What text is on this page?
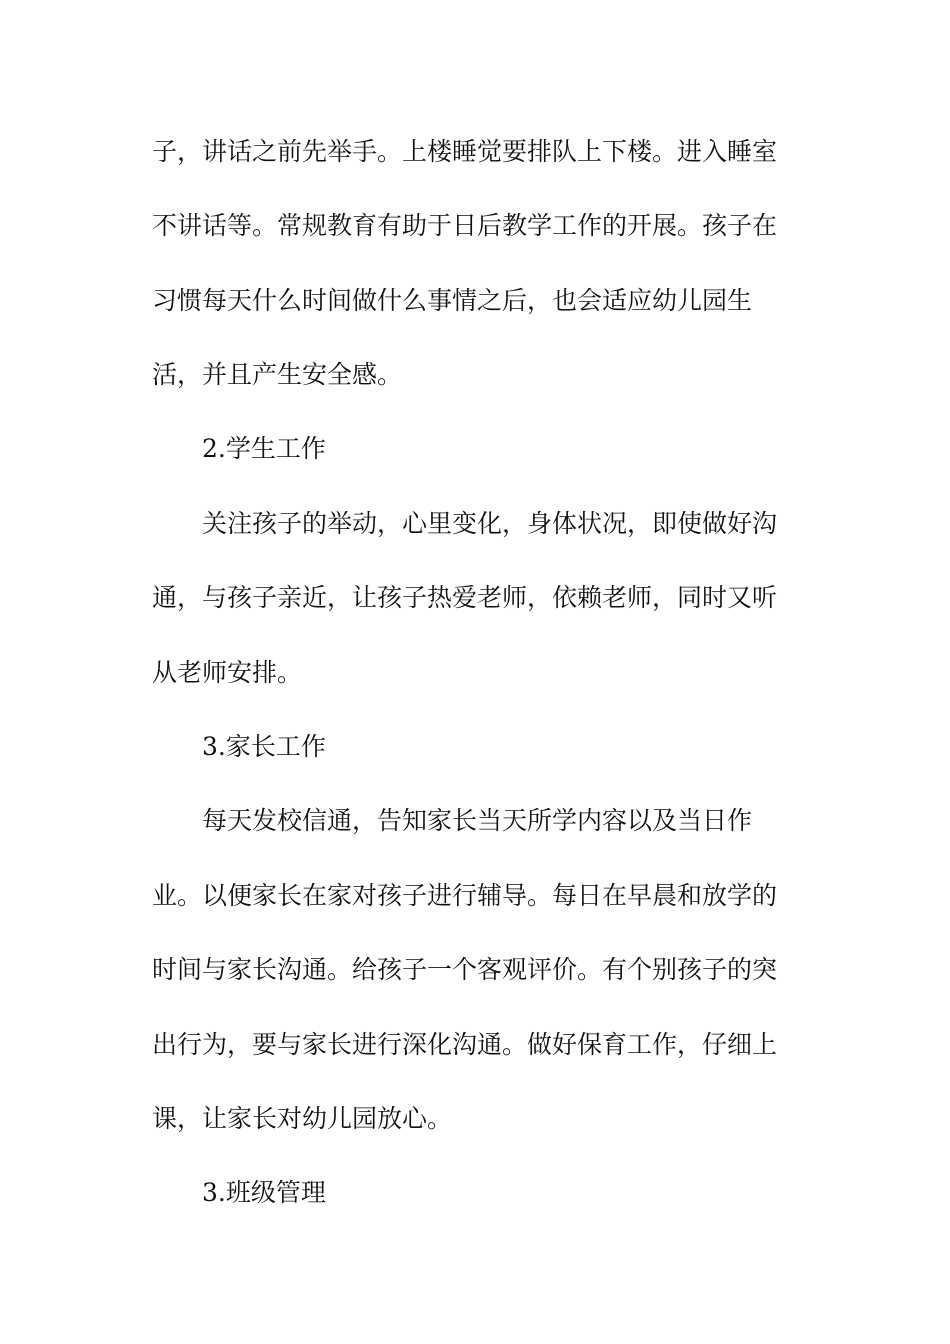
子，讲话之前先举手。上楼睡觉要排队上下楼。进入睡室
不讲话等。常规教育有助于日后教学工作的开展。孩子在
习惯每天什么时间做什么事情之后，也会适应幼儿园生
活，并且产生安全感。
2.学生工作
关注孩子的举动，心里变化，身体状况，即使做好沟
通，与孩子亲近，让孩子热爱老师，依赖老师，同时又听
从老师安排。
3.家长工作
每天发校信通，告知家长当天所学内容以及当日作
业。以便家长在家对孩子进行辅导。每日在早晨和放学的
时间与家长沟通。给孩子一个客观评价。有个别孩子的突
出行为，要与家长进行深化沟通。做好保育工作，仔细上
课，让家长对幼儿园放心。
3.班级管理
